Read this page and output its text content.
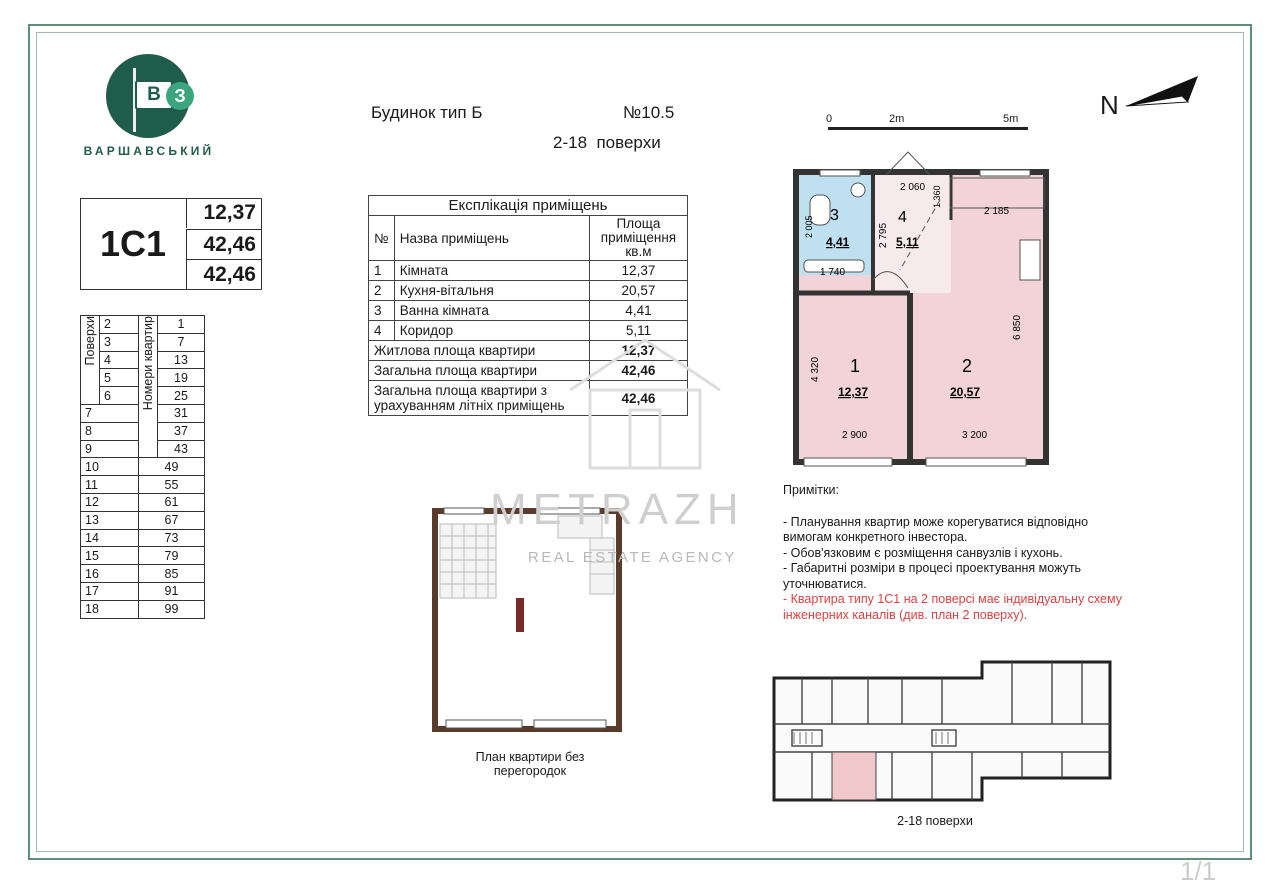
В З
ВАРШАВСЬКИЙ
1С1
12,37
42,46
42,46
Поверхи	2	Номери квартир	1
	3		7
	4		13
	5		19
	6		25
7			31
8			37
9			43
10		49	
11		55	
12		61	
13		67	
14		73	
15		79	
16		85	
17		91	
18		99	
Будинок тип Б	№10.5
2-18  поверхи
Експлікація приміщень		
№	Назва приміщень	Площа приміщення кв.м
1	Кімната	12,37
2	Кухня-вітальня	20,57
3	Ванна кімната	4,41
4	Коридор	5,11
Житлова площа квартири		12,37
Загальна площа квартири		42,46
Загальна площа квартири з урахуванням літніх приміщень		42,46
0	2m	5m	N
3
4,41
4
5,11
1
12,37
2
20,57
2 060 1 360
2 185
2 795
2 005
1 740
6 850
4 320
2 900	3 200
План квартири без перегородок
Примітки:
- Планування квартир може корегуватися відповідно вимогам конкретного інвестора.
- Обов'язковим є розміщення санвузлів і кухонь.
- Габаритні розміри в процесі проектування можуть уточнюватися.
- Квартира типу 1С1 на 2 поверсі має індивідуальну схему інженерних каналів (див. план 2 поверху).
2-18 поверхи
METRAZH
REAL ESTATE AGENCY
1/1
